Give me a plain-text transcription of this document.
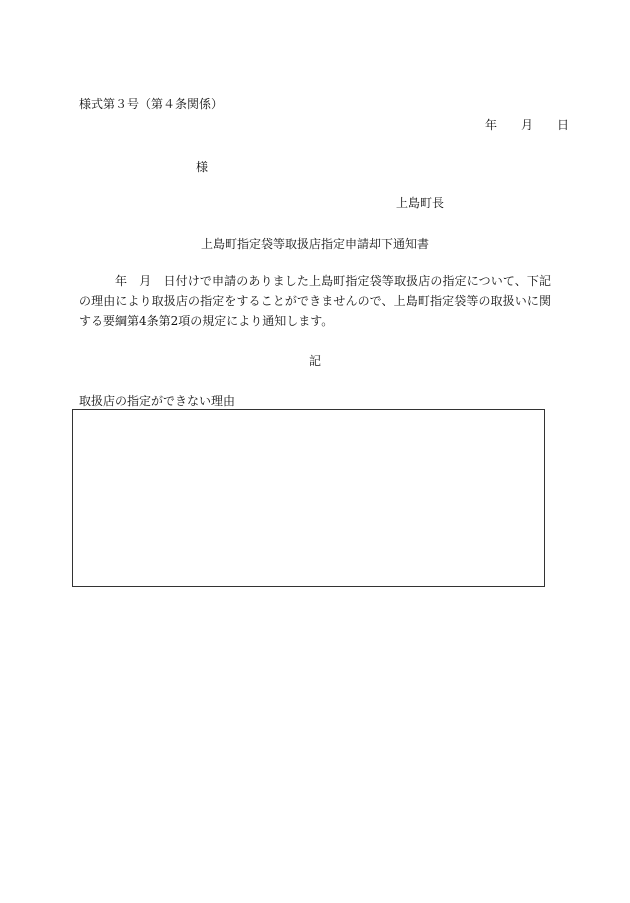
様式第３号（第４条関係）
年　　月　　日
様
上島町長
上島町指定袋等取扱店指定申請却下通知書
年　月　日付けで申請のありました上島町指定袋等取扱店の指定について、下記の理由により取扱店の指定をすることができませんので、上島町指定袋等の取扱いに関する要綱第4条第2項の規定により通知します。
記
取扱店の指定ができない理由
